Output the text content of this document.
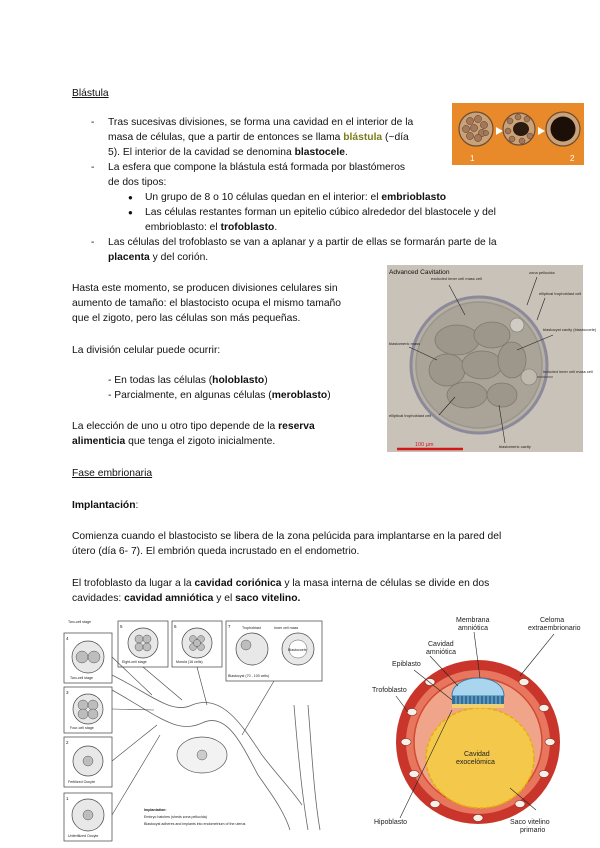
Blástula
- Tras sucesivas divisiones, se forma una cavidad en el interior de la
masa de células, que a partir de entonces se llama blástula (~día
5). El interior de la cavidad se denomina blastocele.
- La esfera que compone la blástula está formada por blastómeros
de dos tipos:
● Un grupo de 8 o 10 células quedan en el interior: el embrioblasto
● Las células restantes forman un epitelio cúbico alrededor del blastocele y del
embrioblasto: el trofoblasto.
- Las células del trofoblasto se van a aplanar y a partir de ellas se formarán parte de la
placenta y del corión.
1	2
Hasta este momento, se producen divisiones celulares sin
aumento de tamaño: el blastocisto ocupa el mismo tamaño
que el zigoto, pero las células son más pequeñas.
La división celular puede ocurrir:
- En todas las células (holoblasto)
- Parcialmente, en algunas células (meroblasto)
La elección de uno u otro tipo depende de la reserva
alimenticia que tenga el zigoto inicialmente.
Advanced Cavitation
excluded inner cell mass cell
zona pellucida
elliptical trophoblast cell
blastocyst cavity (blastocoele)
blastomeric mass
included inner cell mass cell
elliptical trophoblast cell
blastomeric cavity
100 µm
Fase embrionaria
Implantación:
Comienza cuando el blastocisto se libera de la zona pelúcida para implantarse en la pared del
útero (día 6- 7). El embrión queda incrustado en el endometrio.
El trofoblasto da lugar a la cavidad coriónica y la masa interna de células se divide en dos
cavidades: cavidad amniótica y el saco vitelino.
5	6	7
4
3
2
1
Two-cell stage
Four-cell stage
Eight-cell stage	Morula (16 cells)
Blastocyst (70 - 100 cells)
Trophoblast	Inner cell mass
Blastocoele
Fertilized Oocyte
Unfertilized Oocyte
Implantation:
Embryo hatches (sheds zona pellucida)
Blastocyst adheres and implants into endometrium of the uterus
Two-cell stage	Membrana
amniótica
Celoma
extraembrionario
Cavidad
amniótica
Epiblasto
Trofoblasto
Cavidad
exocelómica
Hipoblasto	Saco vitelino
primario
